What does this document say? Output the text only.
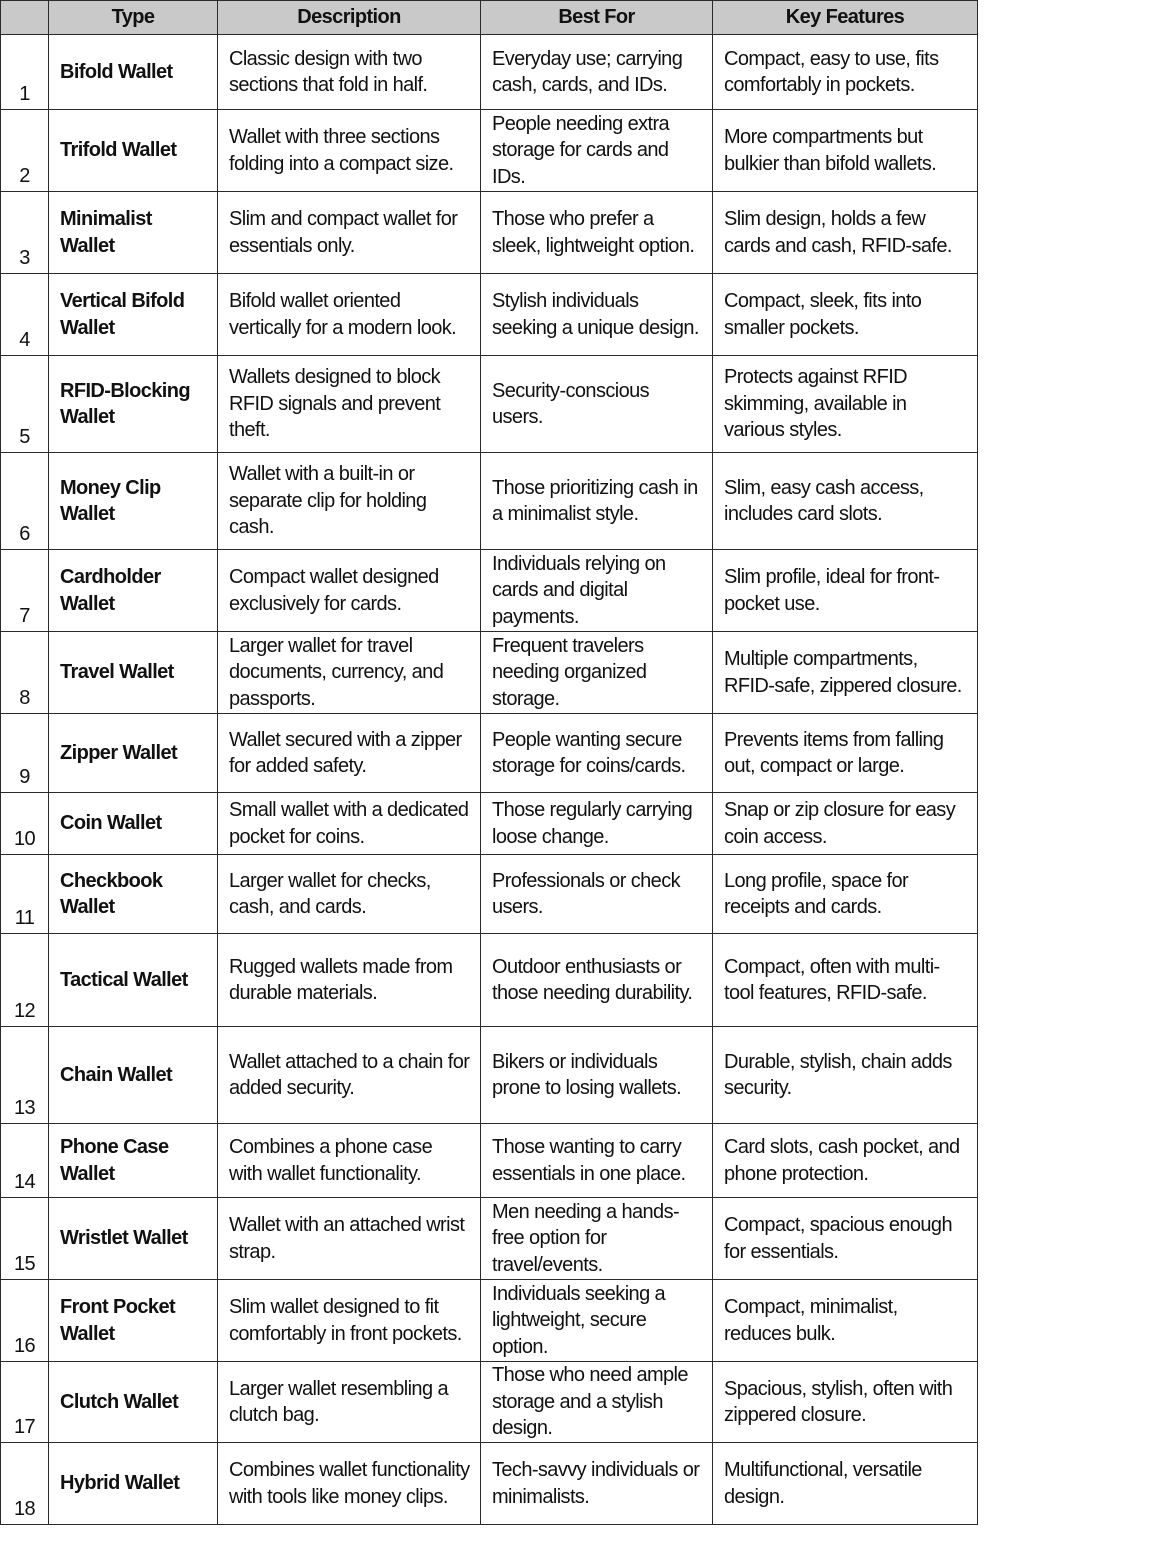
	Type	Description	Best For	Key Features
1	Bifold Wallet	Classic design with two sections that fold in half.	Everyday use; carrying cash, cards, and IDs.	Compact, easy to use, fits comfortably in pockets.
2	Trifold Wallet	Wallet with three sections folding into a compact size.	People needing extra storage for cards and IDs.	More compartments but bulkier than bifold wallets.
3	Minimalist Wallet	Slim and compact wallet for essentials only.	Those who prefer a sleek, lightweight option.	Slim design, holds a few cards and cash, RFID-safe.
4	Vertical Bifold Wallet	Bifold wallet oriented vertically for a modern look.	Stylish individuals seeking a unique design.	Compact, sleek, fits into smaller pockets.
5	RFID-Blocking Wallet	Wallets designed to block RFID signals and prevent theft.	Security-conscious users.	Protects against RFID skimming, available in various styles.
6	Money Clip Wallet	Wallet with a built-in or separate clip for holding cash.	Those prioritizing cash in a minimalist style.	Slim, easy cash access, includes card slots.
7	Cardholder Wallet	Compact wallet designed exclusively for cards.	Individuals relying on cards and digital payments.	Slim profile, ideal for front-pocket use.
8	Travel Wallet	Larger wallet for travel documents, currency, and passports.	Frequent travelers needing organized storage.	Multiple compartments, RFID-safe, zippered closure.
9	Zipper Wallet	Wallet secured with a zipper for added safety.	People wanting secure storage for coins/cards.	Prevents items from falling out, compact or large.
10	Coin Wallet	Small wallet with a dedicated pocket for coins.	Those regularly carrying loose change.	Snap or zip closure for easy coin access.
11	Checkbook Wallet	Larger wallet for checks, cash, and cards.	Professionals or check users.	Long profile, space for receipts and cards.
12	Tactical Wallet	Rugged wallets made from durable materials.	Outdoor enthusiasts or those needing durability.	Compact, often with multi-tool features, RFID-safe.
13	Chain Wallet	Wallet attached to a chain for added security.	Bikers or individuals prone to losing wallets.	Durable, stylish, chain adds security.
14	Phone Case Wallet	Combines a phone case with wallet functionality.	Those wanting to carry essentials in one place.	Card slots, cash pocket, and phone protection.
15	Wristlet Wallet	Wallet with an attached wrist strap.	Men needing a hands-free option for travel/events.	Compact, spacious enough for essentials.
16	Front Pocket Wallet	Slim wallet designed to fit comfortably in front pockets.	Individuals seeking a lightweight, secure option.	Compact, minimalist, reduces bulk.
17	Clutch Wallet	Larger wallet resembling a clutch bag.	Those who need ample storage and a stylish design.	Spacious, stylish, often with zippered closure.
18	Hybrid Wallet	Combines wallet functionality with tools like money clips.	Tech-savvy individuals or minimalists.	Multifunctional, versatile design.
